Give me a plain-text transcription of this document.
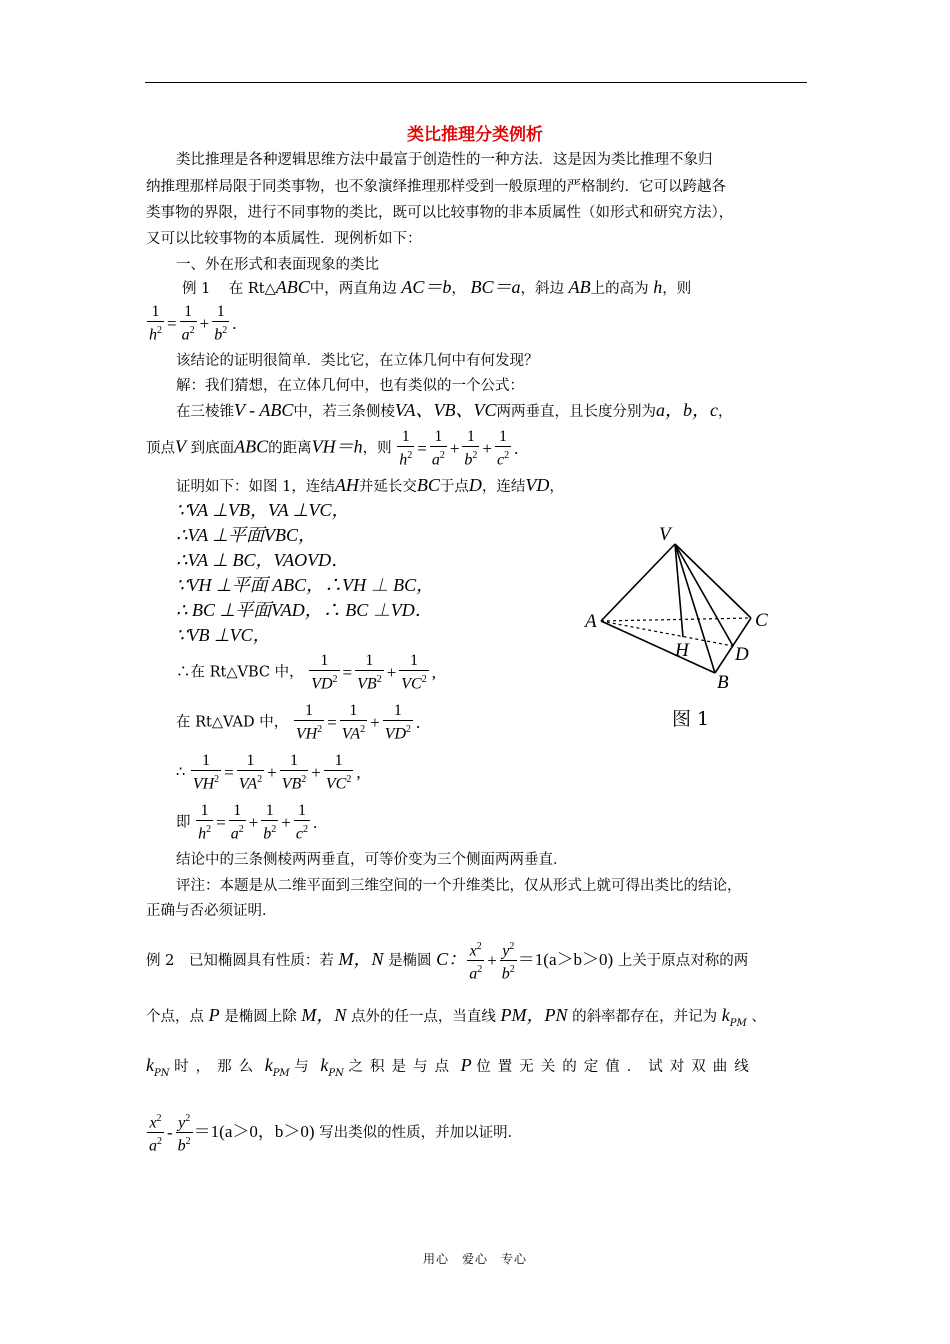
类比推理分类例析
类比推理是各种逻辑思维方法中最富于创造性的一种方法．这是因为类比推理不象归
纳推理那样局限于同类事物，也不象演绎推理那样受到一般原理的严格制约．它可以跨越各
类事物的界限，进行不同事物的类比，既可以比较事物的非本质属性（如形式和研究方法），
又可以比较事物的本质属性．现例析如下：
一、外在形式和表面现象的类比
例 1 在 Rt△ABC中，两直角边 AC＝b， BC＝a，斜边 AB上的高为 h，则
$\frac{1}{h^2} = \frac{1}{a^2} + \frac{1}{b^2}$ .
该结论的证明很简单．类比它，在立体几何中有何发现？
解：我们猜想，在立体几何中，也有类似的一个公式：
在三棱锥V - ABC中，若三条侧棱VA、VB、VC两两垂直，且长度分别为a，b，c，
顶点V 到底面ABC的距离VH＝h，则 $\frac{1}{h^2} = \frac{1}{a^2} + \frac{1}{b^2} + \frac{1}{c^2}$ .
证明如下：如图 1，连结AH并延长交BC于点D，连结VD，
∵VA ⊥VB，VA ⊥VC，
∴VA ⊥平面VBC，
∴VA ⊥ BC，VAOVD．
∵VH ⊥平面 ABC，∴VH ⊥ BC，
∴ BC ⊥平面VAD，∴ BC ⊥VD．
∵VB ⊥VC，
∴在 Rt△VBC 中， $\frac{1}{VD^2} = \frac{1}{VB^2} + \frac{1}{VC^2}$ ,
在 Rt△VAD 中， $\frac{1}{VH^2} = \frac{1}{VA^2} + \frac{1}{VD^2}$ .
∴ $\frac{1}{VH^2} = \frac{1}{VA^2} + \frac{1}{VB^2} + \frac{1}{VC^2}$ ,
即 $\frac{1}{h^2} = \frac{1}{a^2} + \frac{1}{b^2} + \frac{1}{c^2}$ .
结论中的三条侧棱两两垂直，可等价变为三个侧面两两垂直．
评注：本题是从二维平面到三维空间的一个升维类比，仅从形式上就可得出类比的结论，
正确与否必须证明．
例 2　已知椭圆具有性质：若 M，N 是椭圆 C： $\frac{x^2}{a^2} + \frac{y^2}{b^2} =1(a>b>0)$ 上关于原点对称的两
个点，点 P 是椭圆上除 M，N 点外的任一点，当直线 PM，PN 的斜率都存在，并记为 $k_{PM}$ 、
$k_{PN}$ 时，那么 $k_{PM}$ 与 $k_{PN}$ 之积是与点 P 位置无关的定值．试对双曲线
$\frac{x^2}{a^2} - \frac{y^2}{b^2} =1(a>0$，b＞0) 写出类似的性质，并加以证明．
V
A	C
H D
B
图 1
用心　爱心　专心
